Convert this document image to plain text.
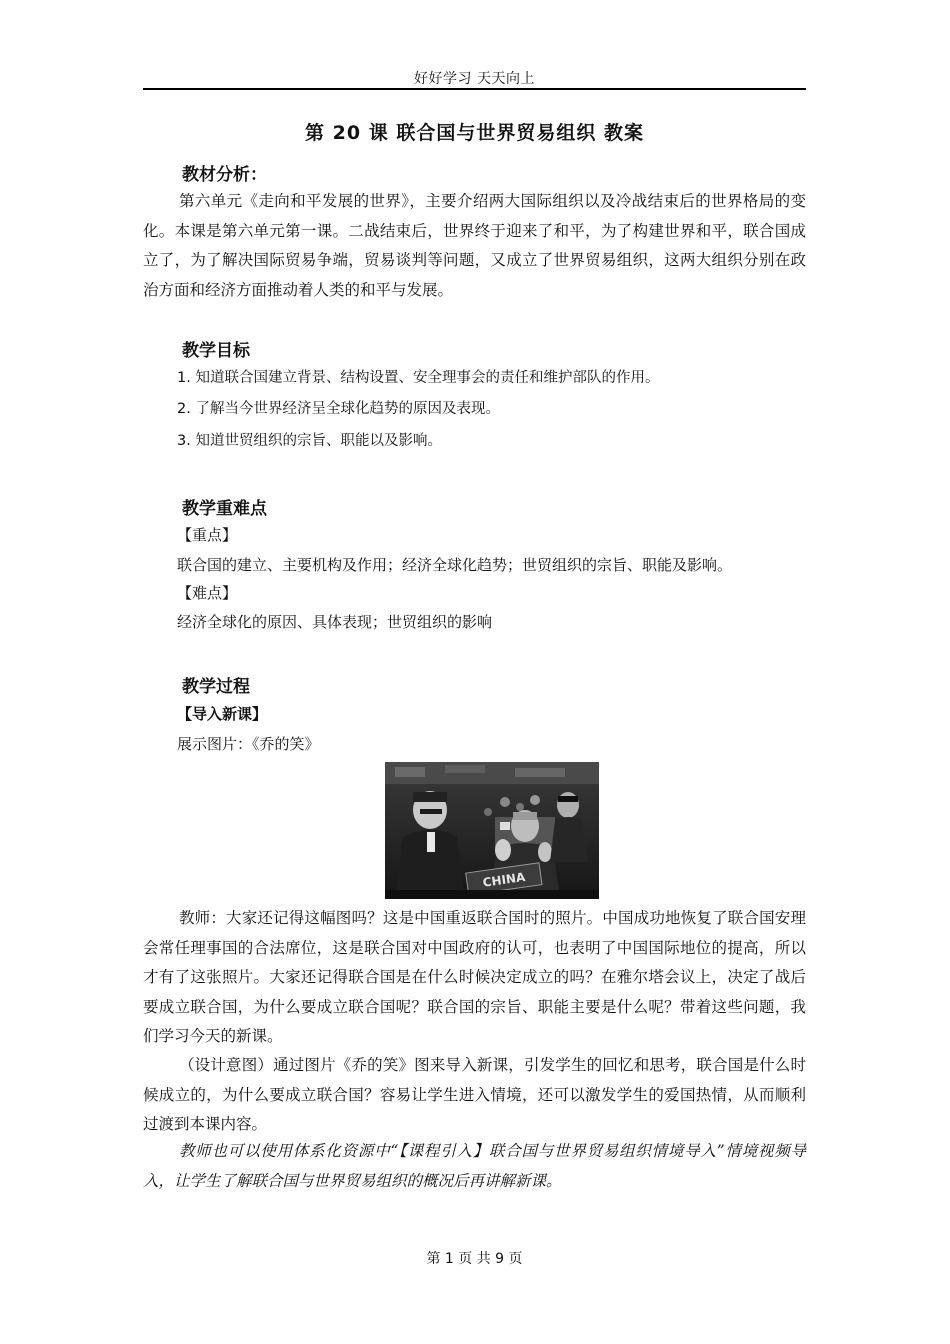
好好学习 天天向上
第 20 课 联合国与世界贸易组织 教案
教材分析：

第六单元《走向和平发展的世界》，主要介绍两大国际组织以及冷战结束后的世界格局的变化。本课是第六单元第一课。二战结束后，世界终于迎来了和平，为了构建世界和平，联合国成立了，为了解决国际贸易争端，贸易谈判等问题，又成立了世界贸易组织，这两大组织分别在政治方面和经济方面推动着人类的和平与发展。

教学目标
1. 知道联合国建立背景、结构设置、安全理事会的责任和维护部队的作用。
2. 了解当今世界经济呈全球化趋势的原因及表现。
3. 知道世贸组织的宗旨、职能以及影响。
教学重难点
【重点】
联合国的建立、主要机构及作用；经济全球化趋势；世贸组织的宗旨、职能及影响。
【难点】
经济全球化的原因、具体表现；世贸组织的影响
教学过程
【导入新课】
展示图片：《乔的笑》
CHINA

教师：大家还记得这幅图吗？这是中国重返联合国时的照片。中国成功地恢复了联合国安理会常任理事国的合法席位，这是联合国对中国政府的认可，也表明了中国国际地位的提高，所以才有了这张照片。大家还记得联合国是在什么时候决定成立的吗？在雅尔塔会议上，决定了战后要成立联合国，为什么要成立联合国呢？联合国的宗旨、职能主要是什么呢？带着这些问题，我们学习今天的新课。

（设计意图）通过图片《乔的笑》图来导入新课，引发学生的回忆和思考，联合国是什么时候成立的，为什么要成立联合国？容易让学生进入情境，还可以激发学生的爱国热情，从而顺利过渡到本课内容。

教师也可以使用体系化资源中“【课程引入】联合国与世界贸易组织情境导入”情境视频导入，让学生了解联合国与世界贸易组织的概况后再讲解新课。

第 1 页 共 9 页
